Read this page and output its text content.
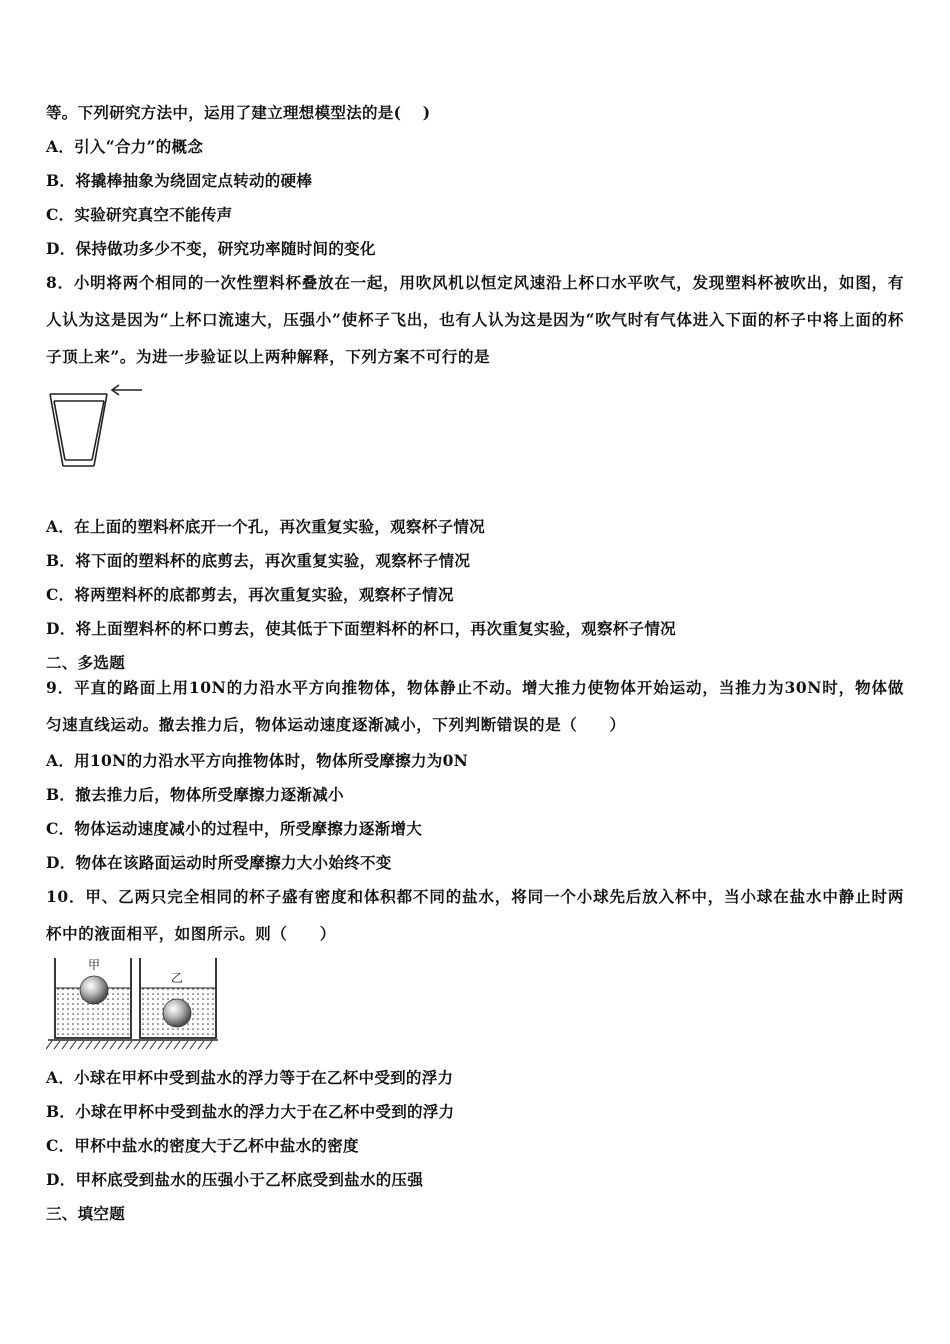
等。下列研究方法中，运用了建立理想模型法的是(　 )
A．引入“合力”的概念
B．将撬棒抽象为绕固定点转动的硬棒
C．实验研究真空不能传声
D．保持做功多少不变，研究功率随时间的变化
8．小明将两个相同的一次性塑料杯叠放在一起，用吹风机以恒定风速沿上杯口水平吹气，发现塑料杯被吹出，如图，有人认为这是因为“上杯口流速大，压强小”使杯子飞出，也有人认为这是因为“吹气时有气体进入下面的杯子中将上面的杯子顶上来”。为进一步验证以上两种解释，下列方案不可行的是
A．在上面的塑料杯底开一个孔，再次重复实验，观察杯子情况
B．将下面的塑料杯的底剪去，再次重复实验，观察杯子情况
C．将两塑料杯的底都剪去，再次重复实验，观察杯子情况
D．将上面塑料杯的杯口剪去，使其低于下面塑料杯的杯口，再次重复实验，观察杯子情况
二、多选题
9．平直的路面上用10N的力沿水平方向推物体，物体静止不动。增大推力使物体开始运动，当推力为30N时，物体做匀速直线运动。撤去推力后，物体运动速度逐渐减小，下列判断错误的是（　　）
A．用10N的力沿水平方向推物体时，物体所受摩擦力为0N
B．撤去推力后，物体所受摩擦力逐渐减小
C．物体运动速度减小的过程中，所受摩擦力逐渐增大
D．物体在该路面运动时所受摩擦力大小始终不变
10．甲、乙两只完全相同的杯子盛有密度和体积都不同的盐水，将同一个小球先后放入杯中，当小球在盐水中静止时两杯中的液面相平，如图所示。则（　　）
甲
乙
A．小球在甲杯中受到盐水的浮力等于在乙杯中受到的浮力
B．小球在甲杯中受到盐水的浮力大于在乙杯中受到的浮力
C．甲杯中盐水的密度大于乙杯中盐水的密度
D．甲杯底受到盐水的压强小于乙杯底受到盐水的压强
三、填空题
